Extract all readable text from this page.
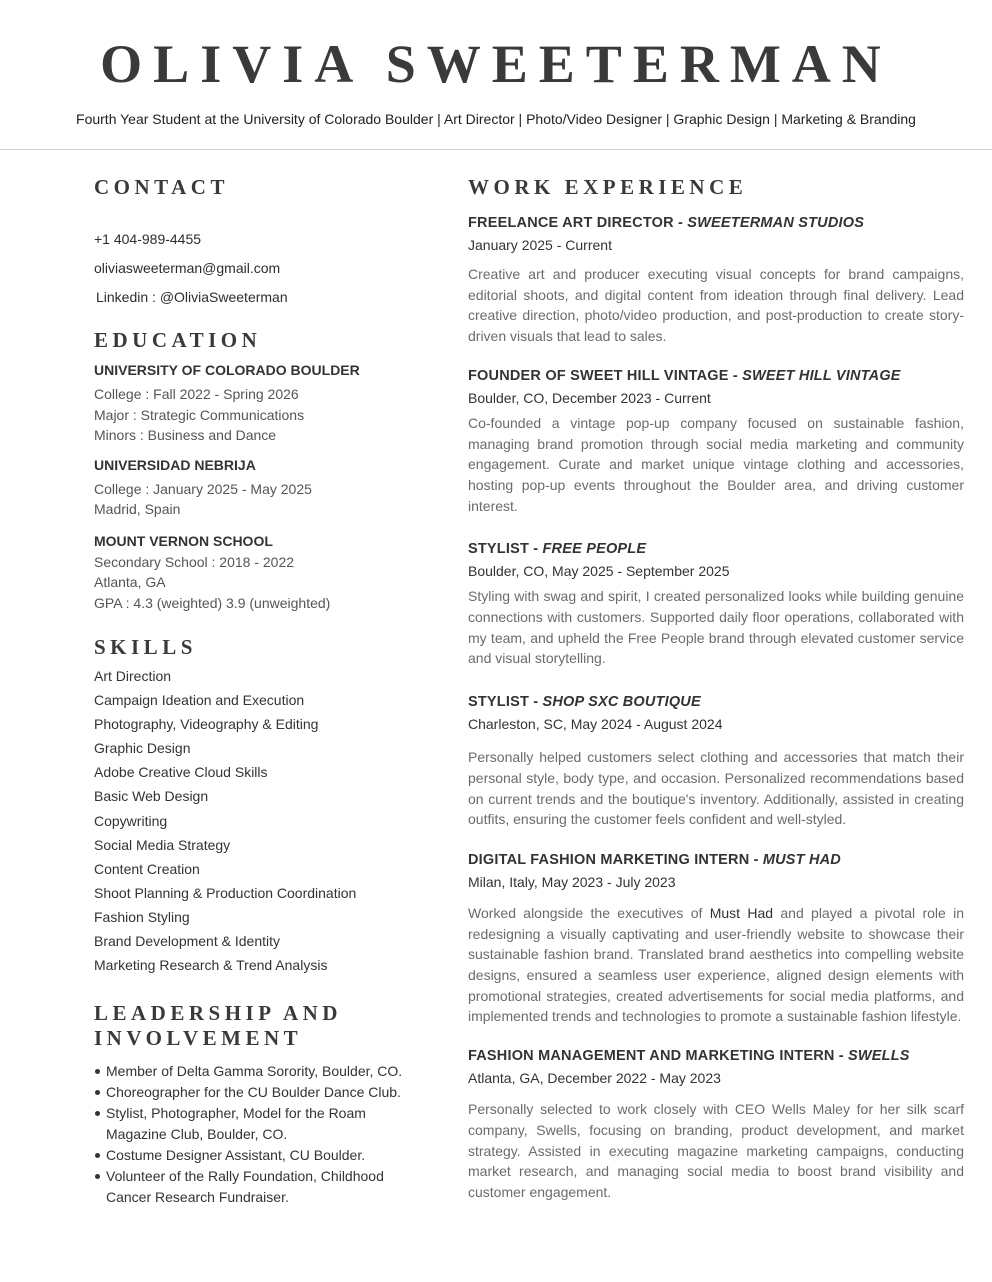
OLIVIA SWEETERMAN
Fourth Year Student at the University of Colorado Boulder | Art Director | Photo/Video Designer | Graphic Design | Marketing & Branding
CONTACT
+1 404-989-4455
oliviasweeterman@gmail.com
Linkedin : @OliviaSweeterman
EDUCATION
UNIVERSITY OF COLORADO BOULDER
College : Fall 2022 - Spring 2026
Major : Strategic Communications
Minors : Business and Dance
UNIVERSIDAD NEBRIJA
College : January 2025 - May 2025
Madrid, Spain
MOUNT VERNON SCHOOL
Secondary School : 2018 - 2022
Atlanta, GA
GPA : 4.3 (weighted) 3.9 (unweighted)
SKILLS
Art Direction
Campaign Ideation and Execution
Photography, Videography & Editing
Graphic Design
Adobe Creative Cloud Skills
Basic Web Design
Copywriting
Social Media Strategy
Content Creation
Shoot Planning & Production Coordination
Fashion Styling
Brand Development & Identity
Marketing Research & Trend Analysis
LEADERSHIP AND
INVOLVEMENT
Member of Delta Gamma Sorority, Boulder, CO.
Choreographer for the CU Boulder Dance Club.
Stylist, Photographer, Model for the Roam Magazine Club, Boulder, CO.
Costume Designer Assistant, CU Boulder.
Volunteer of the Rally Foundation, Childhood Cancer Research Fundraiser.
WORK EXPERIENCE
FREELANCE ART DIRECTOR - SWEETERMAN STUDIOS
January 2025 - Current
Creative art and producer executing visual concepts for brand campaigns, editorial shoots, and digital content from ideation through final delivery. Lead creative direction, photo/video production, and post-production to create story-driven visuals that lead to sales.
FOUNDER OF SWEET HILL VINTAGE - SWEET HILL VINTAGE
Boulder, CO, December 2023 - Current
Co-founded a vintage pop-up company focused on sustainable fashion, managing brand promotion through social media marketing and community engagement. Curate and market unique vintage clothing and accessories, hosting pop-up events throughout the Boulder area, and driving customer interest.
STYLIST - FREE PEOPLE
Boulder, CO, May 2025 - September 2025
Styling with swag and spirit, I created personalized looks while building genuine connections with customers. Supported daily floor operations, collaborated with my team, and upheld the Free People brand through elevated customer service and visual storytelling.
STYLIST - SHOP SXC BOUTIQUE
Charleston, SC, May 2024 - August 2024
Personally helped customers select clothing and accessories that match their personal style, body type, and occasion. Personalized recommendations based on current trends and the boutique's inventory. Additionally, assisted in creating outfits, ensuring the customer feels confident and well-styled.
DIGITAL FASHION MARKETING INTERN - MUST HAD
Milan, Italy, May 2023 - July 2023
Worked alongside the executives of Must Had and played a pivotal role in redesigning a visually captivating and user-friendly website to showcase their sustainable fashion brand. Translated brand aesthetics into compelling website designs, ensured a seamless user experience, aligned design elements with promotional strategies, created advertisements for social media platforms, and implemented trends and technologies to promote a sustainable fashion lifestyle.
FASHION MANAGEMENT AND MARKETING INTERN - SWELLS
Atlanta, GA, December 2022 - May 2023
Personally selected to work closely with CEO Wells Maley for her silk scarf company, Swells, focusing on branding, product development, and market strategy. Assisted in executing magazine marketing campaigns, conducting market research, and managing social media to boost brand visibility and customer engagement.
